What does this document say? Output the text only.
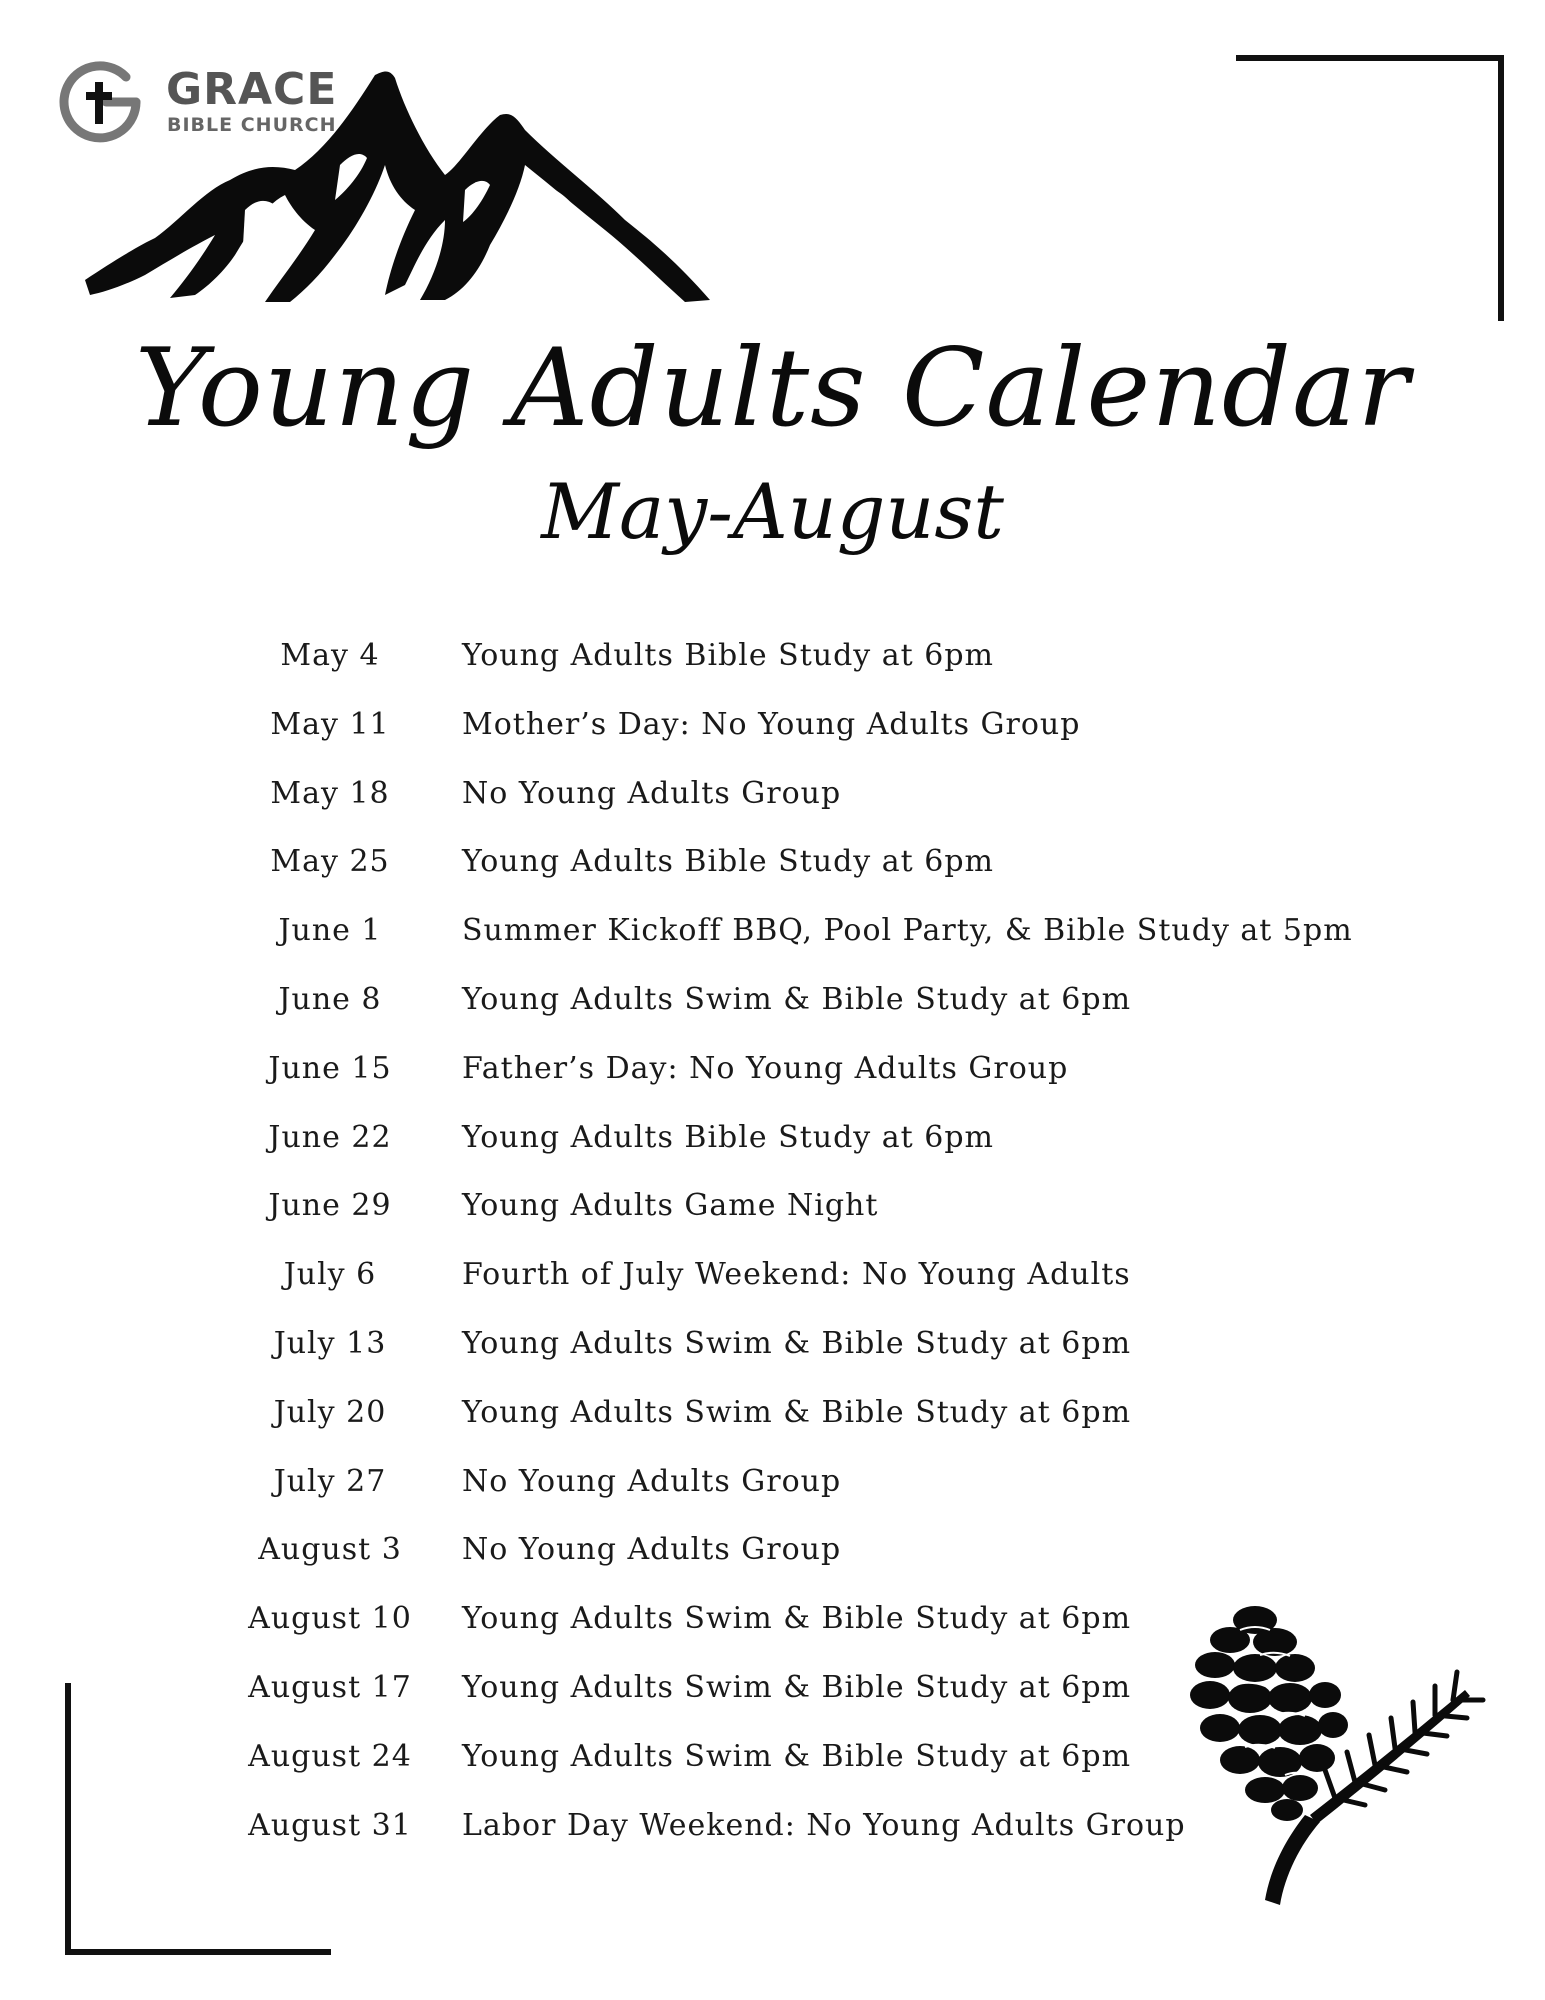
GRACE
BIBLE CHURCH
Young Adults Calendar
May-August
May 4	Young Adults Bible Study at 6pm
May 11	Mother’s Day: No Young Adults Group
May 18	No Young Adults Group
May 25	Young Adults Bible Study at 6pm
June 1	Summer Kickoff BBQ, Pool Party, & Bible Study at 5pm
June 8	Young Adults Swim & Bible Study at 6pm
June 15	Father’s Day: No Young Adults Group
June 22	Young Adults Bible Study at 6pm
June 29	Young Adults Game Night
July 6	Fourth of July Weekend: No Young Adults
July 13	Young Adults Swim & Bible Study at 6pm
July 20	Young Adults Swim & Bible Study at 6pm
July 27	No Young Adults Group
August 3	No Young Adults Group
August 10	Young Adults Swim & Bible Study at 6pm
August 17	Young Adults Swim & Bible Study at 6pm
August 24	Young Adults Swim & Bible Study at 6pm
August 31	Labor Day Weekend: No Young Adults Group
